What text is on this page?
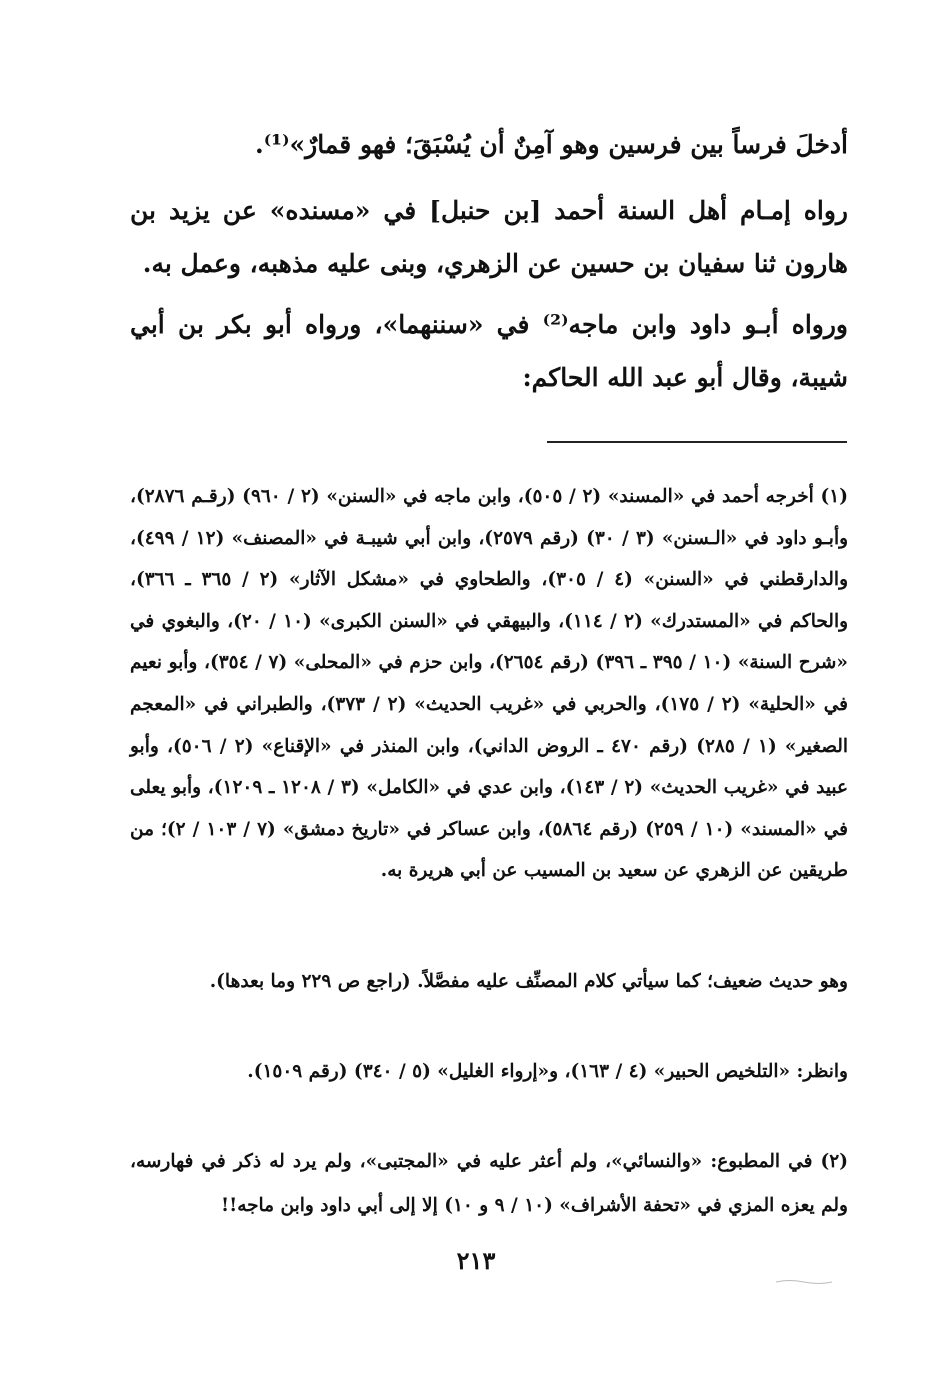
أدخلَ فرساً بين فرسين وهو آمِنٌ أن يُسْبَقَ؛ فهو قمارٌ»⁽¹⁾.

رواه إمـام أهل السنة أحمد [بن حنبل] في «مسنده» عن يزيد بن هارون ثنا سفيان بن حسين عن الزهري، وبنى عليه مذهبه، وعمل به.

ورواه أبـو داود وابن ماجه⁽²⁾ في «سننهما»، ورواه أبو بكر بن أبي شيبة، وقال أبو عبد الله الحاكم:

(١) أخرجه أحمد في «المسند» (٢ / ٥٠٥)، وابن ماجه في «السنن» (٢ / ٩٦٠) (رقـم ٢٨٧٦)، وأبـو داود في «الـسنن» (٣ / ٣٠) (رقم ٢٥٧٩)، وابن أبي شيبـة في «المصنف» (١٢ / ٤٩٩)، والدارقطني في «السنن» (٤ / ٣٠٥)، والطحاوي في «مشكل الآثار» (٢ / ٣٦٥ ـ ٣٦٦)، والحاكم في «المستدرك» (٢ / ١١٤)، والبيهقي في «السنن الكبرى» (١٠ / ٢٠)، والبغوي في «شرح السنة» (١٠ / ٣٩٥ ـ ٣٩٦) (رقم ٢٦٥٤)، وابن حزم في «المحلى» (٧ / ٣٥٤)، وأبو نعيم في «الحلية» (٢ / ١٧٥)، والحربي في «غريب الحديث» (٢ / ٣٧٣)، والطبراني في «المعجم الصغير» (١ / ٢٨٥) (رقم ٤٧٠ ـ الروض الداني)، وابن المنذر في «الإقناع» (٢ / ٥٠٦)، وأبو عبيد في «غريب الحديث» (٢ / ١٤٣)، وابن عدي في «الكامل» (٣ / ١٢٠٨ ـ ١٢٠٩)، وأبو يعلى في «المسند» (١٠ / ٢٥٩) (رقم ٥٨٦٤)، وابن عساكر في «تاريخ دمشق» (٧ / ١٠٣ / ٢)؛ من طريقين عن الزهري عن سعيد بن المسيب عن أبي هريرة به.

وهو حديث ضعيف؛ كما سيأتي كلام المصنِّف عليه مفصَّلاً. (راجع ص ٢٢٩ وما بعدها).

وانظر: «التلخيص الحبير» (٤ / ١٦٣)، و«إرواء الغليل» (٥ / ٣٤٠) (رقم ١٥٠٩).

(٢) في المطبوع: «والنسائي»، ولم أعثر عليه في «المجتبى»، ولم يرد له ذكر في فهارسه، ولم يعزه المزي في «تحفة الأشراف» (١٠ / ٩ و ١٠) إلا إلى أبي داود وابن ماجه!!

٢١٣
